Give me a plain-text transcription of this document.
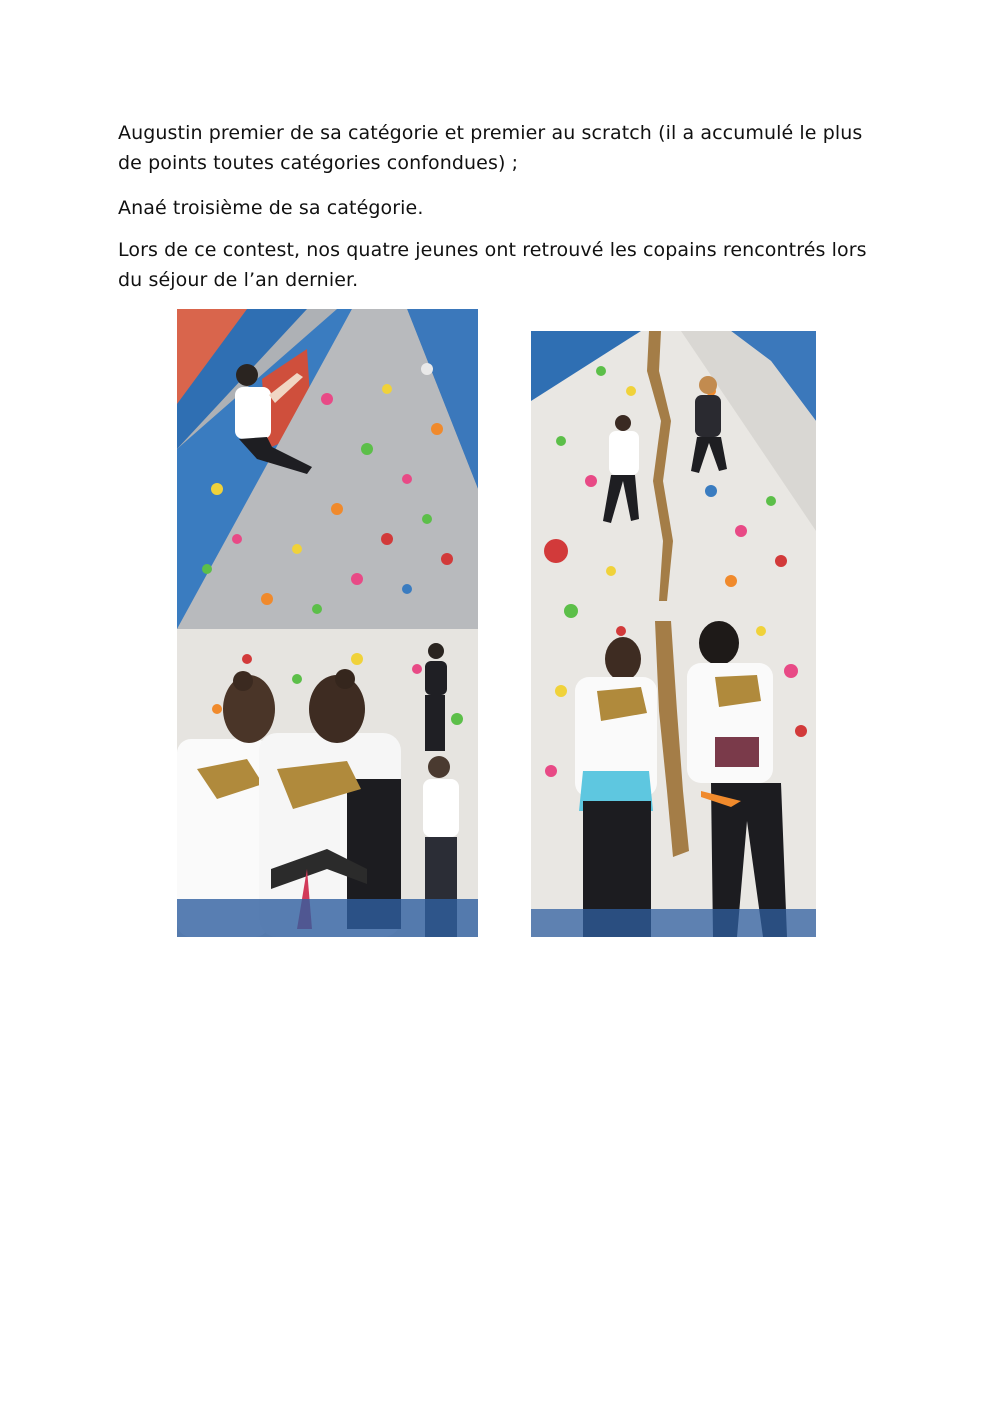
Augustin premier de sa catégorie et premier au scratch (il a accumulé le plus de points toutes catégories confondues) ;

Anaé troisième de sa catégorie.

Lors de ce contest, nos quatre jeunes ont retrouvé les copains rencontrés lors du séjour de l’an dernier.
